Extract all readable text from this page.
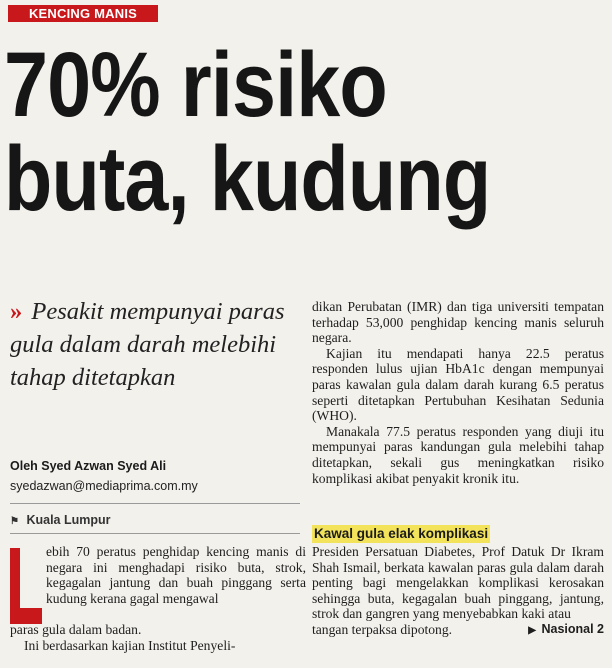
KENCING MANIS
70% risiko
buta, kudung
» Pesakit mempunyai paras gula dalam darah melebihi tahap ditetapkan
Oleh Syed Azwan Syed Ali
syedazwan@mediaprima.com.my
⚑ Kuala Lumpur

ebih 70 peratus penghidap kencing manis di negara ini menghadapi risiko buta, strok, kegagalan jantung dan buah pinggang serta kudung kerana gagal mengawal

paras gula dalam badan.

Ini berdasarkan kajian Institut Penyeli-

dikan Perubatan (IMR) dan tiga universiti tempatan terhadap 53,000 penghidap kencing manis seluruh negara.

Kajian itu mendapati hanya 22.5 peratus responden lulus ujian HbA1c dengan mempunyai paras kawalan gula dalam darah kurang 6.5 peratus seperti ditetapkan Pertubuhan Kesihatan Sedunia (WHO).

Manakala 77.5 peratus responden yang diuji itu mempunyai paras kandungan gula melebihi tahap ditetapkan, sekali gus meningkatkan risiko komplikasi akibat penyakit kronik itu.

Kawal gula elak komplikasi

Presiden Persatuan Diabetes, Prof Datuk Dr Ikram Shah Ismail, berkata kawalan paras gula dalam darah penting bagi mengelakkan komplikasi kerosakan sehingga buta, kegagalan buah pinggang, jantung, strok dan gangren yang menyebabkan kaki atau

tangan terpaksa dipotong.	▶ Nasional 2
